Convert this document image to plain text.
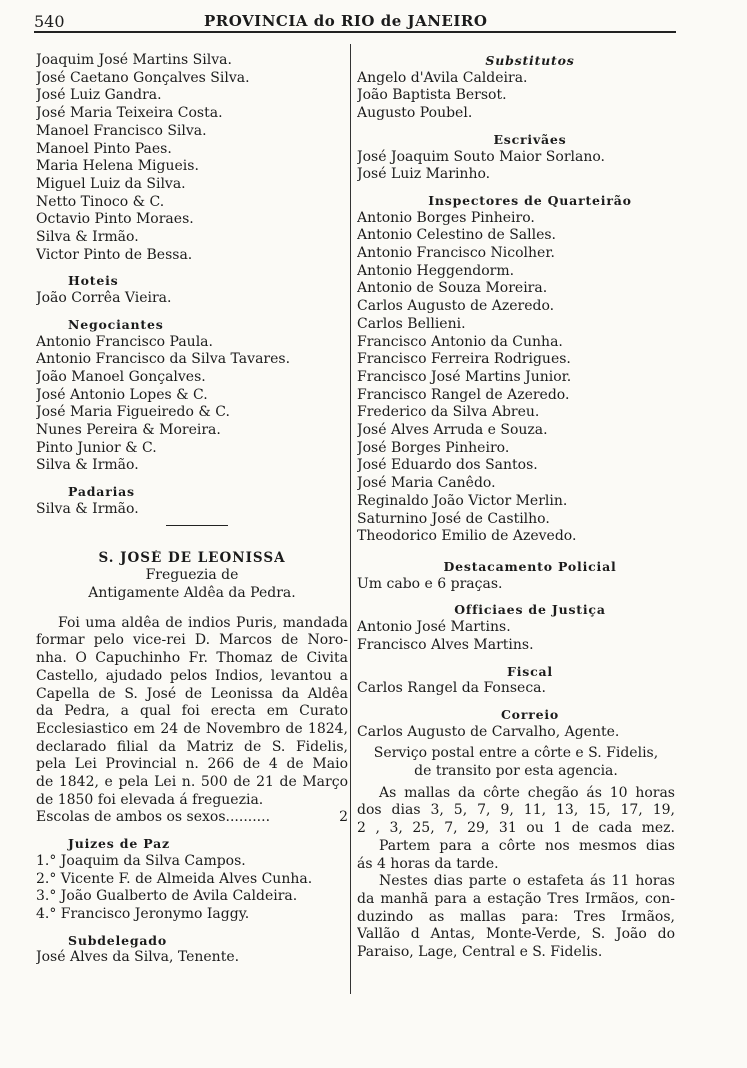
540	PROVINCIA do RIO de JANEIRO
Joaquim José Martins Silva.
José Caetano Gonçalves Silva.
José Luiz Gandra.
José Maria Teixeira Costa.
Manoel Francisco Silva.
Manoel Pinto Paes.
Maria Helena Migueis.
Miguel Luiz da Silva.
Netto Tinoco & C.
Octavio Pinto Moraes.
Silva & Irmão.
Victor Pinto de Bessa.
Hoteis
João Corrêa Vieira.
Negociantes
Antonio Francisco Paula.
Antonio Francisco da Silva Tavares.
João Manoel Gonçalves.
José Antonio Lopes & C.
José Maria Figueiredo & C.
Nunes Pereira & Moreira.
Pinto Junior & C.
Silva & Irmão.
Padarias
Silva & Irmão.
S. JOSÉ DE LEONISSA
Freguezia de
Antigamente Aldêa da Pedra.
Foi uma aldêa de indios Puris, mandada
formar pelo vice-rei D. Marcos de Noro-
nha. O Capuchinho Fr. Thomaz de Civita
Castello, ajudado pelos Indios, levantou a
Capella de S. José de Leonissa da Aldêa
da Pedra, a qual foi erecta em Curato
Ecclesiastico em 24 de Novembro de 1824,
declarado filial da Matriz de S. Fidelis,
pela Lei Provincial n. 266 de 4 de Maio
de 1842, e pela Lei n. 500 de 21 de Março
de 1850 foi elevada á freguezia.
Escolas de ambos os sexos..........	2
Juizes de Paz
1.° Joaquim da Silva Campos.
2.° Vicente F. de Almeida Alves Cunha.
3.° João Gualberto de Avila Caldeira.
4.° Francisco Jeronymo Iaggy.
Subdelegado
José Alves da Silva, Tenente.
Substitutos
Angelo d'Avila Caldeira.
João Baptista Bersot.
Augusto Poubel.
Escrivães
José Joaquim Souto Maior Sorlano.
José Luiz Marinho.
Inspectores de Quarteirão
Antonio Borges Pinheiro.
Antonio Celestino de Salles.
Antonio Francisco Nicolher.
Antonio Heggendorm.
Antonio de Souza Moreira.
Carlos Augusto de Azeredo.
Carlos Bellieni.
Francisco Antonio da Cunha.
Francisco Ferreira Rodrigues.
Francisco José Martins Junior.
Francisco Rangel de Azeredo.
Frederico da Silva Abreu.
José Alves Arruda e Souza.
José Borges Pinheiro.
José Eduardo dos Santos.
José Maria Canêdo.
Reginaldo João Victor Merlin.
Saturnino José de Castilho.
Theodorico Emilio de Azevedo.
Destacamento Policial
Um cabo e 6 praças.
Officiaes de Justiça
Antonio José Martins.
Francisco Alves Martins.
Fiscal
Carlos Rangel da Fonseca.
Correio
Carlos Augusto de Carvalho, Agente.
Serviço postal entre a côrte e S. Fidelis,
de transito por esta agencia.
As mallas da côrte chegão ás 10 horas
dos dias 3, 5, 7, 9, 11, 13, 15, 17, 19,
2 , 3, 25, 7, 29, 31 ou 1 de cada mez.
Partem para a côrte nos mesmos dias
ás 4 horas da tarde.
Nestes dias parte o estafeta ás 11 horas
da manhã para a estação Tres Irmãos, con-
duzindo as mallas para: Tres Irmãos,
Vallão d Antas, Monte-Verde, S. João do
Paraiso, Lage, Central e S. Fidelis.
